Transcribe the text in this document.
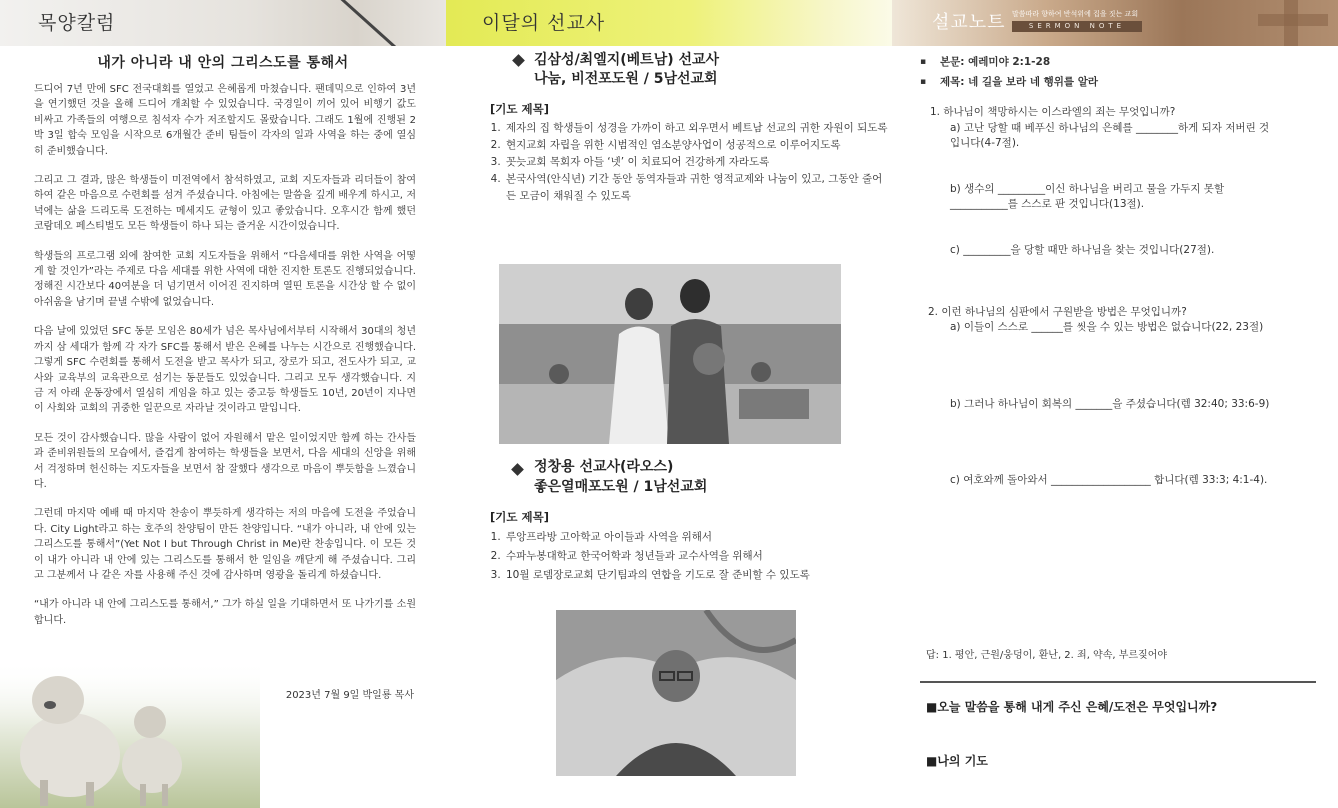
목양칼럼
내가 아니라 내 안의 그리스도를 통해서
드디어 7년 만에 SFC 전국대회를 열었고 은혜롭게 마쳤습니다. 팬데믹으로 인하여 3년을 연기했던 것을 올해 드디어 개최할 수 있었습니다. 국경일이 끼어 있어 비행기 값도 비싸고 가족들의 여행으로 침석자 수가 저조할지도 몰랐습니다. 그래도 1월에 진행된 2박 3일 합숙 모임을 시작으로 6개월간 준비 팀들이 각자의 일과 사역을 하는 중에 열심히 준비했습니다.
그리고 그 결과, 많은 학생들이 미전역에서 참석하였고, 교회 지도자들과 리더들이 참여하여 같은 마음으로 수련회를 섬겨 주셨습니다. 아침에는 말씀을 깊게 배우게 하시고, 저녁에는 삶을 드리도록 도전하는 메세지도 균형이 있고 좋았습니다. 오후시간 함께 했던 코람데오 페스티벌도 모든 학생들이 하나 되는 즐거운 시간이었습니다.
학생들의 프로그램 외에 참여한 교회 지도자들을 위해서 “다음세대를 위한 사역을 어떻게 할 것인가”라는 주제로 다음 세대를 위한 사역에 대한 진지한 토론도 진행되었습니다. 정해진 시간보다 40여분을 더 넘기면서 이어진 진지하며 열띤 토론을 시간상 할 수 없이 아쉬움을 남기며 끝낼 수밖에 없었습니다.
다음 날에 있었던 SFC 동문 모임은 80세가 넘은 목사님에서부터 시작해서 30대의 청년까지 삼 세대가 함께 각 자가 SFC를 통해서 받은 은혜를 나누는 시간으로 진행했습니다. 그렇게 SFC 수련회를 통해서 도전을 받고 목사가 되고, 장로가 되고, 전도사가 되고, 교사와 교육부의 교육관으로 섬기는 동문들도 있었습니다. 그리고 모두 생각했습니다. 지금 저 아래 운동장에서 열심히 게임을 하고 있는 중고등 학생들도 10년, 20년이 지나면 이 사회와 교회의 귀중한 일꾼으로 자라날 것이라고 말입니다.
모든 것이 감사했습니다. 많을 사람이 없어 자원해서 맡은 일이었지만 함께 하는 간사들과 준비위원들의 모습에서, 즐겁게 참여하는 학생들을 보면서, 다음 세대의 신앙을 위해서 걱정하며 헌신하는 지도자들을 보면서 참 잘했다 생각으로 마음이 뿌듯함을 느꼈습니다.
그런데 마지막 예배 때 마지막 찬송이 뿌듯하게 생각하는 저의 마음에 도전을 주었습니다. City Light라고 하는 호주의 찬양팀이 만든 찬양입니다. “내가 아니라, 내 안에 있는 그리스도를 통해서”(Yet Not I but Through Christ in Me)란 찬송입니다. 이 모든 것이 내가 아니라 내 안에 있는 그리스도를 통해서 한 일임을 깨닫게 해 주셨습니다. 그리고 그분께서 나 같은 자를 사용해 주신 것에 감사하며 영광을 돌리게 하셨습니다.
“내가 아니라 내 안에 그리스도를 통해서,” 그가 하실 일을 기대하면서 또 나가기를 소원합니다.
2023년 7월 9일 박일룡 목사
이달의 선교사
김삼성/최엘지(베트남) 선교사
나눔, 비전포도원 / 5남선교회
[기도 제목]
1. 제자의 집 학생들이 성경을 가까이 하고 외우면서 베트남 선교의 귀한 자원이 되도록
2. 현지교회 자립을 위한 시범적인 염소분양사업이 성공적으로 이루어지도록
3. 꼿늣교회 목회자 아들 ‘넷’ 이 치료되어 건강하게 자라도록
4. 본국사역(안식년) 기간 동안 동역자들과 귀한 영적교제와 나눔이 있고, 그동안 줄어든 모금이 채워질 수 있도록
정창용 선교사(라오스)
좋은열매포도원 / 1남선교회
[기도 제목]
1. 루앙프라방 고아학교 아이들과 사역을 위해서
2. 수파누봉대학교 한국어학과 청년들과 교수사역을 위해서
3. 10월 로뎀장로교회 단기팀과의 연합을 기도로 잘 준비할 수 있도록
설교노트 말씀따라 향하여 반석위에 집을 짓는 교회
SERMON NOTE
▪ 본문: 예레미야 2:1-28
▪ 제목: 네 길을 보라 네 행위를 알라
1. 하나님이 책망하시는 이스라엘의 죄는 무엇입니까?
a) 고난 당할 때 베푸신 하나님의 은혜를 ________하게 되자 저버린 것입니다(4-7절).
b) 생수의 _________이신 하나님을 버리고 물을 가두지 못할 ___________를 스스로 판 것입니다(13절).
c) _________을 당할 때만 하나님을 찾는 것입니다(27절).
2. 이런 하나님의 심판에서 구원받을 방법은 무엇입니까?
a) 이들이 스스로 ______를 씻을 수 있는 방법은 없습니다(22, 23절)
b) 그러나 하나님이 회복의 _______을 주셨습니다(렘 32:40; 33:6-9)
c) 여호와께 돌아와서 ___________________ 합니다(렘 33:3; 4:1-4).
답: 1. 평안, 근원/웅덩이, 환난, 2. 죄, 약속, 부르짖어야
■오늘 말씀을 통해 내게 주신 은혜/도전은 무엇입니까?
■나의 기도
